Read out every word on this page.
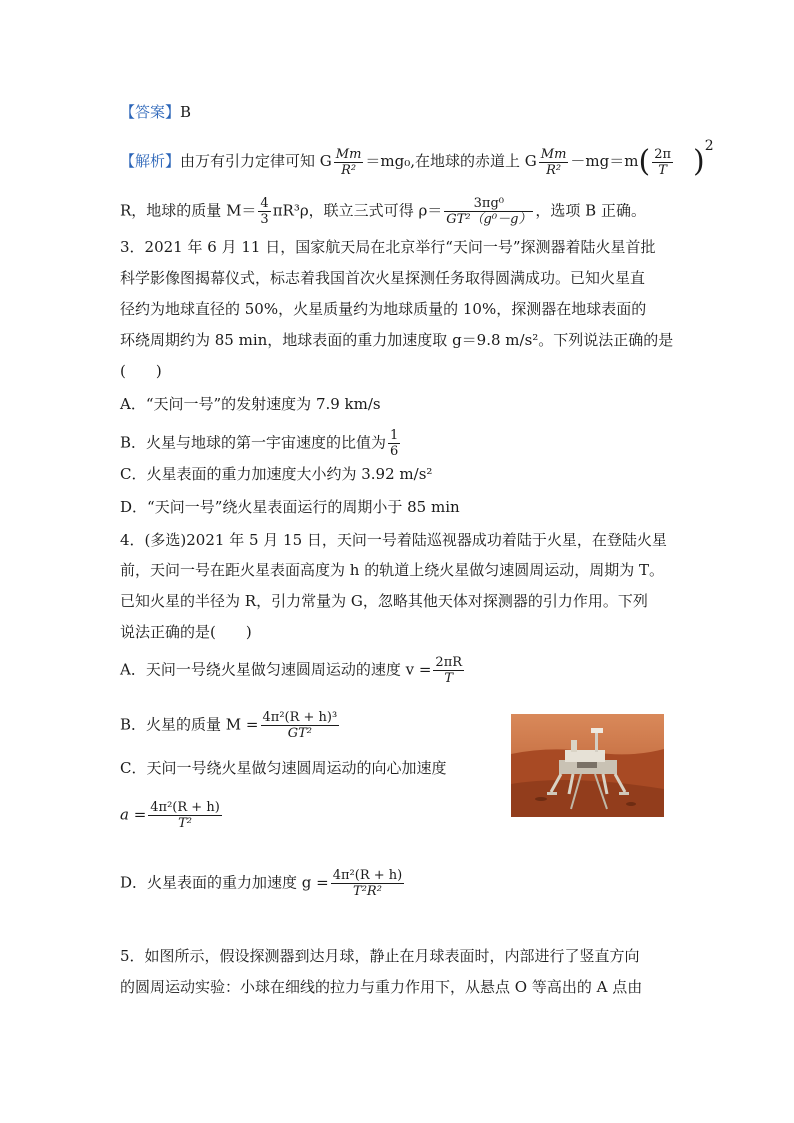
【答案】B
【解析】由万有引力定律可知 G $\frac{Mm}{\text{R²}} =mg_0$,在地球的赤道上 G $\frac{Mm}{\text{R²}} -mg=m( \frac{2\pi}{T} )2$
R，地球的质量 $M= \frac{4}{3} \pi R^3\rho$，联立三式可得 $\rho= \frac{\text{3πg⁰}}{\text{GT²（g⁰－g）}}$ ，选项 B 正确。
3．2021 年 6 月 11 日，国家航天局在北京举行“天问一号”探测器着陆火星首批
科学影像图揭幕仪式，标志着我国首次火星探测任务取得圆满成功。已知火星直
径约为地球直径的 50%，火星质量约为地球质量的 10%，探测器在地球表面的
环绕周期约为 85 min，地球表面的重力加速度取 g＝9.8 m/s²。下列说法正确的是
(　　)
A．“天问一号”的发射速度为 7.9 km/s
B．火星与地球的第一宇宙速度的比值为 $\frac{1}{6}$
C．火星表面的重力加速度大小约为 3.92 m/s²
D．“天问一号”绕火星表面运行的周期小于 85 min
4．(多选)2021 年 5 月 15 日，天问一号着陆巡视器成功着陆于火星，在登陆火星
前，天问一号在距火星表面高度为 h 的轨道上绕火星做匀速圆周运动，周期为 T。
已知火星的半径为 R，引力常量为 G，忽略其他天体对探测器的引力作用。下列
说法正确的是(　　)
A．天问一号绕火星做匀速圆周运动的速度 $v = \frac{2\pi R}{T}$
B．火星的质量 $M = \frac{\text{4π²(R + h)³}}{\text{GT²}}$
C．天问一号绕火星做匀速圆周运动的向心加速度
$a = \frac{\text{4π²(R + h)}}{\text{T²}}$
D．火星表面的重力加速度 $g = \frac{\text{4π²(R + h)}}{\text{T²R²}}$
5．如图所示，假设探测器到达月球，静止在月球表面时，内部进行了竖直方向
的圆周运动实验：小球在细线的拉力与重力作用下，从悬点 O 等高出的 A 点由
